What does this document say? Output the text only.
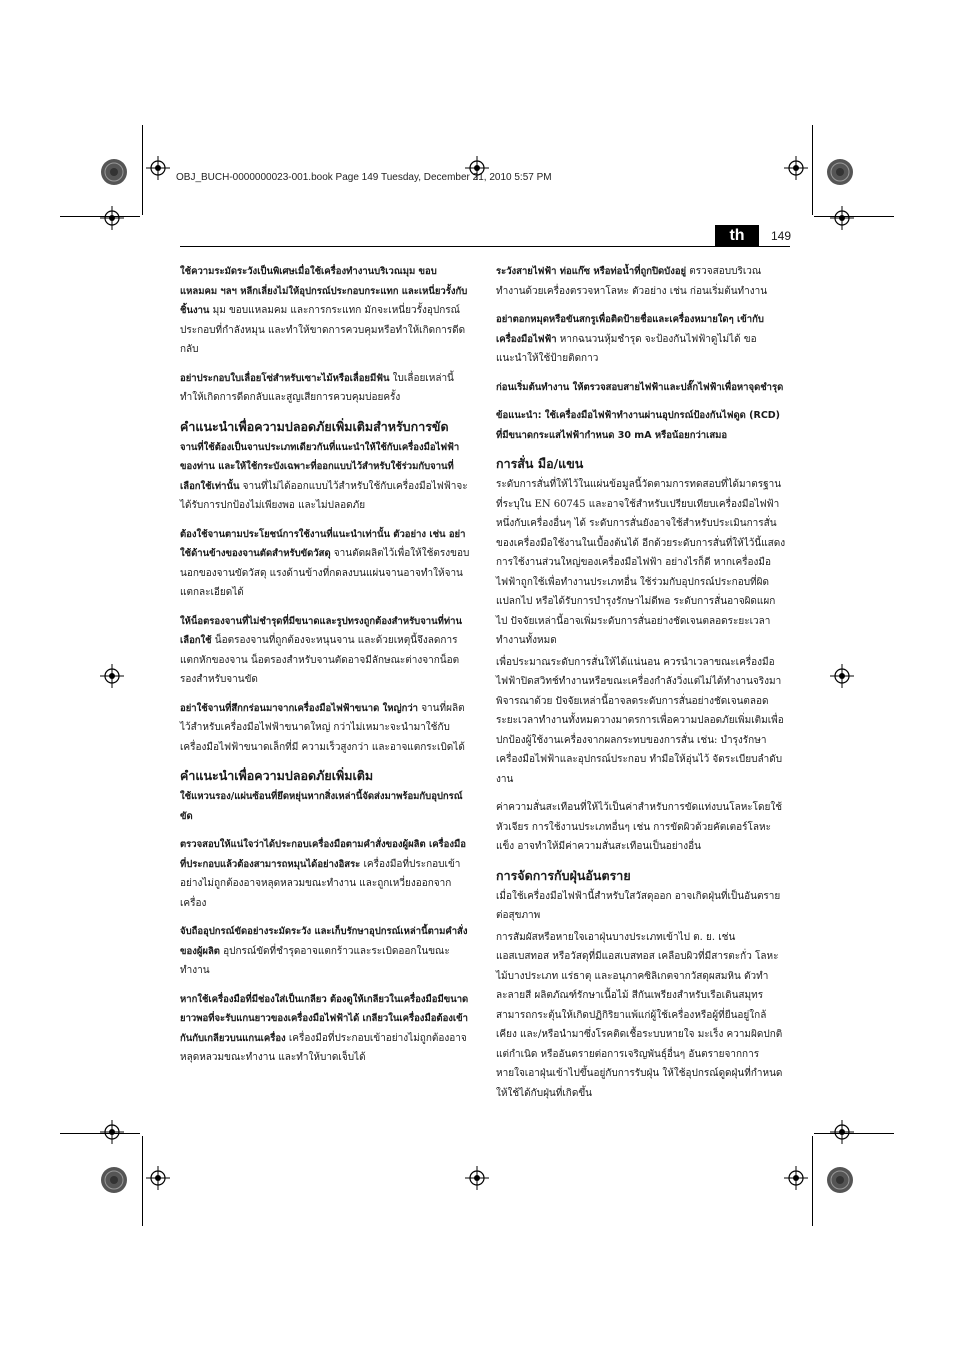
OBJ_BUCH-0000000023-001.book Page 149 Tuesday, December 21, 2010 5:57 PM
th	149

ใช้ความระมัดระวังเป็นพิเศษเมื่อใช้เครื่องทำงานบริเวณมุม ขอบแหลมคม ฯลฯ หลีกเลี่ยงไม่ให้อุปกรณ์ประกอบกระแทก และเหนี่ยวรั้งกับชิ้นงาน มุม ขอบแหลมคม และการกระแทก มักจะเหนี่ยวรั้งอุปกรณ์ประกอบที่กำลังหมุน และทำให้ขาดการควบคุมหรือทำให้เกิดการดีดกลับ

อย่าประกอบใบเลื่อยโซ่สำหรับเซาะไม้หรือเลื่อยมีฟัน ใบเลื่อยเหล่านี้ทำให้เกิดการดีดกลับและสูญเสียการควบคุมบ่อยครั้ง

คำแนะนำเพื่อความปลอดภัยเพิ่มเติมสำหรับการขัด

จานที่ใช้ต้องเป็นจานประเภทเดียวกันที่แนะนำให้ใช้กับเครื่องมือไฟฟ้าของท่าน และให้ใช้กระบังเฉพาะที่ออกแบบไว้สำหรับใช้ร่วมกับจานที่เลือกใช้เท่านั้น จานที่ไม่ได้ออกแบบไว้สำหรับใช้กับเครื่องมือไฟฟ้าจะได้รับการปกป้องไม่เพียงพอ และไม่ปลอดภัย

ต้องใช้จานตามประโยชน์การใช้งานที่แนะนำเท่านั้น ตัวอย่าง เช่น อย่าใช้ด้านข้างของจานตัดสำหรับขัดวัสดุ จานตัดผลิตไว้เพื่อให้ใช้ตรงขอบนอกของจานขัดวัสดุ แรงด้านข้างที่กดลงบนแผ่นจานอาจทำให้จานแตกละเอียดได้

ให้น็อตรองจานที่ไม่ชำรุดที่มีขนาดและรูปทรงถูกต้องสำหรับจานที่ท่านเลือกใช้ น็อตรองจานที่ถูกต้องจะหนุนจาน และด้วยเหตุนี้จึงลดการแตกหักของจาน น็อตรองสำหรับจานตัดอาจมีลักษณะต่างจากน็อตรองสำหรับจานขัด

อย่าใช้จานที่สึกกร่อนมาจากเครื่องมือไฟฟ้าขนาด ใหญ่กว่า จานที่ผลิตไว้สำหรับเครื่องมือไฟฟ้าขนาดใหญ่ กว่าไม่เหมาะจะนำมาใช้กับเครื่องมือไฟฟ้าขนาดเล็กที่มี ความเร็วสูงกว่า และอาจแตกระเบิดได้

คำแนะนำเพื่อความปลอดภัยเพิ่มเติม

ใช้แหวนรอง/แผ่นซ้อนที่ยึดหยุ่นหากสิ่งเหล่านี้จัดส่งมาพร้อมกับอุปกรณ์ขัด

ตรวจสอบให้แน่ใจว่าได้ประกอบเครื่องมือตามคำสั่งของผู้ผลิต เครื่องมือที่ประกอบแล้วต้องสามารถหมุนได้อย่างอิสระ เครื่องมือที่ประกอบเข้าอย่างไม่ถูกต้องอาจหลุดหลวมขณะทำงาน และถูกเหวี่ยงออกจากเครื่อง

จับถืออุปกรณ์ขัดอย่างระมัดระวัง และเก็บรักษาอุปกรณ์เหล่านี้ตามคำสั่งของผู้ผลิต อุปกรณ์ขัดที่ชำรุดอาจแตกร้าวและระเบิดออกในขณะทำงาน

หากใช้เครื่องมือที่มีช่องใส่เป็นเกลียว ต้องดูให้เกลียวในเครื่องมือมีขนาดยาวพอที่จะรับแกนยาวของเครื่องมือไฟฟ้าได้ เกลียวในเครื่องมือต้องเข้ากันกับเกลียวบนแกนเครื่อง เครื่องมือที่ประกอบเข้าอย่างไม่ถูกต้องอาจหลุดหลวมขณะทำงาน และทำให้บาดเจ็บได้

ระวังสายไฟฟ้า ท่อแก๊ซ หรือท่อน้ำที่ถูกปิดบังอยู่ ตรวจสอบบริเวณทำงานด้วยเครื่องตรวจหาโลหะ ตัวอย่าง เช่น ก่อนเริ่มต้นทำงาน

อย่าตอกหมุดหรือขันสกรูเพื่อติดป้ายชื่อและเครื่องหมายใดๆ เข้ากับเครื่องมือไฟฟ้า หากฉนวนหุ้มชำรุด จะป้องกันไฟฟ้าดูไม่ได้ ขอแนะนำให้ใช้ป้ายติดกาว

ก่อนเริ่มต้นทำงาน ให้ตรวจสอบสายไฟฟ้าและปลั๊กไฟฟ้าเพื่อหาจุดชำรุด

ข้อแนะนำ: ใช้เครื่องมือไฟฟ้าทำงานผ่านอุปกรณ์ป้องกันไฟดูด (RCD) ที่มีขนาดกระแสไฟฟ้ากำหนด 30 mA หรือน้อยกว่าเสมอ

การสั่น มือ/แขน

ระดับการสั่นที่ให้ไว้ในแผ่นข้อมูลนี้วัดตามการทดสอบที่ได้มาตรฐานที่ระบุใน EN 60745 และอาจใช้สำหรับเปรียบเทียบเครื่องมือไฟฟ้าหนึ่งกับเครื่องอื่นๆ ได้ ระดับการสั่นยังอาจใช้สำหรับประเมินการสั่นของเครื่องมือใช้งานในเบื้องต้นได้ อีกด้วยระดับการสั่นที่ให้ไว้นี้แสดงการใช้งานส่วนใหญ่ของเครื่องมือไฟฟ้า อย่างไรก็ดี หากเครื่องมือไฟฟ้าถูกใช้เพื่อทำงานประเภทอื่น ใช้ร่วมกับอุปกรณ์ประกอบที่ผิดแปลกไป หรือได้รับการบำรุงรักษาไม่ดีพอ ระดับการสั่นอาจผิดแผกไป ปัจจัยเหล่านี้อาจเพิ่มระดับการสั่นอย่างชัดเจนตลอดระยะเวลาทำงานทั้งหมด

เพื่อประมาณระดับการสั่นให้ได้แน่นอน ควรนำเวลาขณะเครื่องมือไฟฟ้าปิดสวิทช์ทำงานหรือขณะเครื่องกำลังวิ่งแต่ไม่ได้ทำงานจริงมาพิจารณาด้วย ปัจจัยเหล่านี้อาจลดระดับการสั่นอย่างชัดเจนตลอดระยะเวลาทำงานทั้งหมดวางมาตรการเพื่อความปลอดภัยเพิ่มเติมเพื่อปกป้องผู้ใช้งานเครื่องจากผลกระทบของการสั่น เช่น: บำรุงรักษาเครื่องมือไฟฟ้าและอุปกรณ์ประกอบ ทำมือให้อุ่นไว้ จัดระเบียบลำดับงาน

ค่าความสั่นสะเทือนที่ให้ไว้เป็นค่าสำหรับการขัดแท่งบนโลหะโดยใช้หัวเจียร การใช้งานประเภทอื่นๆ เช่น การขัดผิวด้วยคัตเตอร์โลหะแข็ง อาจทำให้มีค่าความสั่นสะเทือนเป็นอย่างอื่น

การจัดการกับฝุ่นอันตราย

เมื่อใช้เครื่องมือไฟฟ้านี้สำหรับใสวัสดุออก อาจเกิดฝุ่นที่เป็นอันตรายต่อสุขภาพ

การสัมผัสหรือหายใจเอาฝุ่นบางประเภทเข้าไป ต. ย. เช่น แอสเบสทอส หรือวัสดุที่มีแอสเบสทอส เคลือบผิวที่มีสารตะกั่ว โลหะ ไม้บางประเภท แร่ธาตุ และอนุภาคซิลิเกตจากวัสดุผสมหิน ตัวทำละลายสี ผลิตภัณฑ์รักษาเนื้อไม้ สีกันเพรียงสำหรับเรือเดินสมุทร สามารถกระตุ้นให้เกิดปฏิกิริยาแพ้แก่ผู้ใช้เครื่องหรือผู้ที่ยืนอยู่ใกล้เคียง และ/หรือนำมาซึ่งโรคติดเชื้อระบบหายใจ มะเร็ง ความผิดปกติแต่กำเนิด หรืออันตรายต่อการเจริญพันธุ์อื่นๆ อันตรายจากการหายใจเอาฝุ่นเข้าไปขึ้นอยู่กับการรับฝุ่น ให้ใช้อุปกรณ์ดูดฝุ่นที่กำหนดให้ใช้ได้กับฝุ่นที่เกิดขึ้น
